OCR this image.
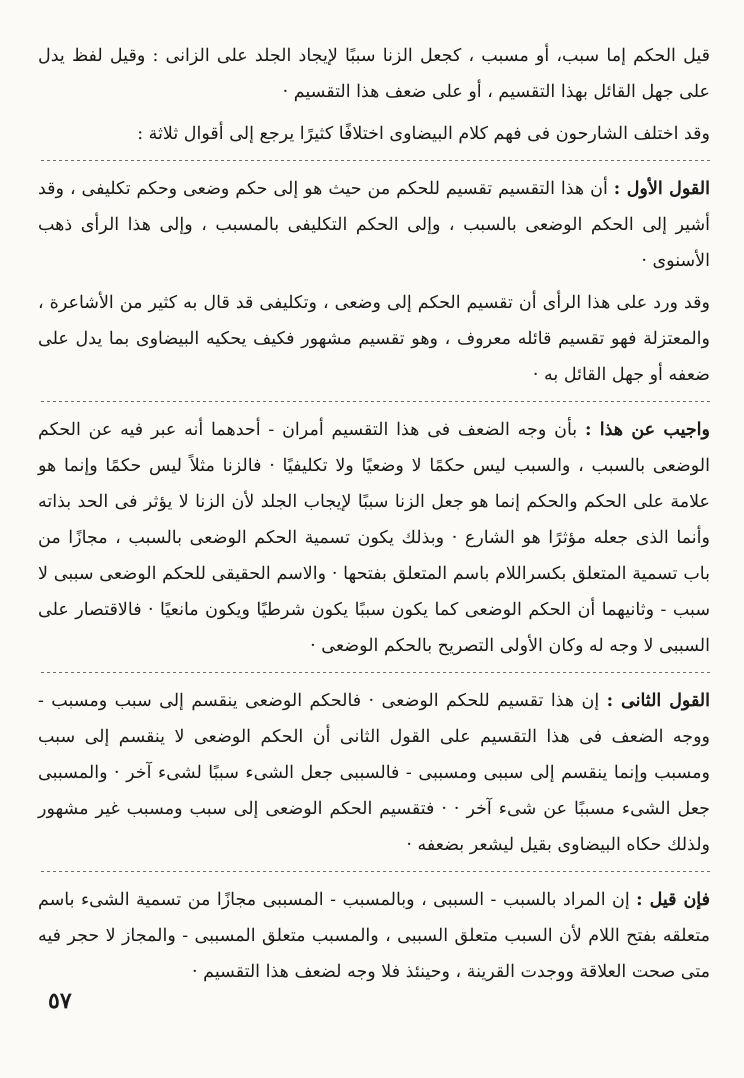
قيل الحكم إما سبب، أو مسبب ، كجعل الزنا سببًا لإيجاد الجلد على الزانى : وقيل لفظ يدل على جهل القائل بهذا التقسيم ، أو على ضعف هذا التقسيم ·

وقد اختلف الشارحون فى فهم كلام البيضاوى اختلافًا كثيرًا يرجع إلى أقوال ثلاثة :

القول الأول : أن هذا التقسيم تقسيم للحكم من حيث هو إلى حكم وضعى وحكم تكليفى ، وقد أشير إلى الحكم الوضعى بالسبب ، وإلى الحكم التكليفى بالمسبب ، وإلى هذا الرأى ذهب الأسنوى ·

وقد ورد على هذا الرأى أن تقسيم الحكم إلى وضعى ، وتكليفى قد قال به كثير من الأشاعرة ، والمعتزلة فهو تقسيم قائله معروف ، وهو تقسيم مشهور فكيف يحكيه البيضاوى بما يدل على ضعفه أو جهل القائل به ·

واجيب عن هذا : بأن وجه الضعف فى هذا التقسيم أمران - أحدهما أنه عبر فيه عن الحكم الوضعى بالسبب ، والسبب ليس حكمًا لا وضعيًا ولا تكليفيًا · فالزنا مثلاً ليس حكمًا وإنما هو علامة على الحكم والحكم إنما هو جعل الزنا سببًا لإيجاب الجلد لأن الزنا لا يؤثر فى الحد بذاته وأنما الذى جعله مؤثرًا هو الشارع · وبذلك يكون تسمية الحكم الوضعى بالسبب ، مجازًا من باب تسمية المتعلق بكسراللام باسم المتعلق بفتحها · والاسم الحقيقى للحكم الوضعى سببى لا سبب - وثانيهما أن الحكم الوضعى كما يكون سببًا يكون شرطيًا ويكون مانعيًا · فالاقتصار على السببى لا وجه له وكان الأولى التصريح بالحكم الوضعى ·

القول الثانى : إن هذا تقسيم للحكم الوضعى · فالحكم الوضعى ينقسم إلى سبب ومسبب - ووجه الضعف فى هذا التقسيم على القول الثانى أن الحكم الوضعى لا ينقسم إلى سبب ومسبب وإنما ينقسم إلى سببى ومسببى - فالسببى جعل الشىء سببًا لشىء آخر · والمسببى جعل الشىء مسببًا عن شىء آخر · · فتقسيم الحكم الوضعى إلى سبب ومسبب غير مشهور ولذلك حكاه البيضاوى بقيل ليشعر بضعفه ·

فإن قيل : إن المراد بالسبب - السببى ، وبالمسبب - المسببى مجازًا من تسمية الشىء باسم متعلقه بفتح اللام لأن السبب متعلق السببى ، والمسبب متعلق المسببى - والمجاز لا حجر فيه متى صحت العلاقة ووجدت القرينة ، وحينئذ فلا وجه لضعف هذا التقسيم ·

٥٧
